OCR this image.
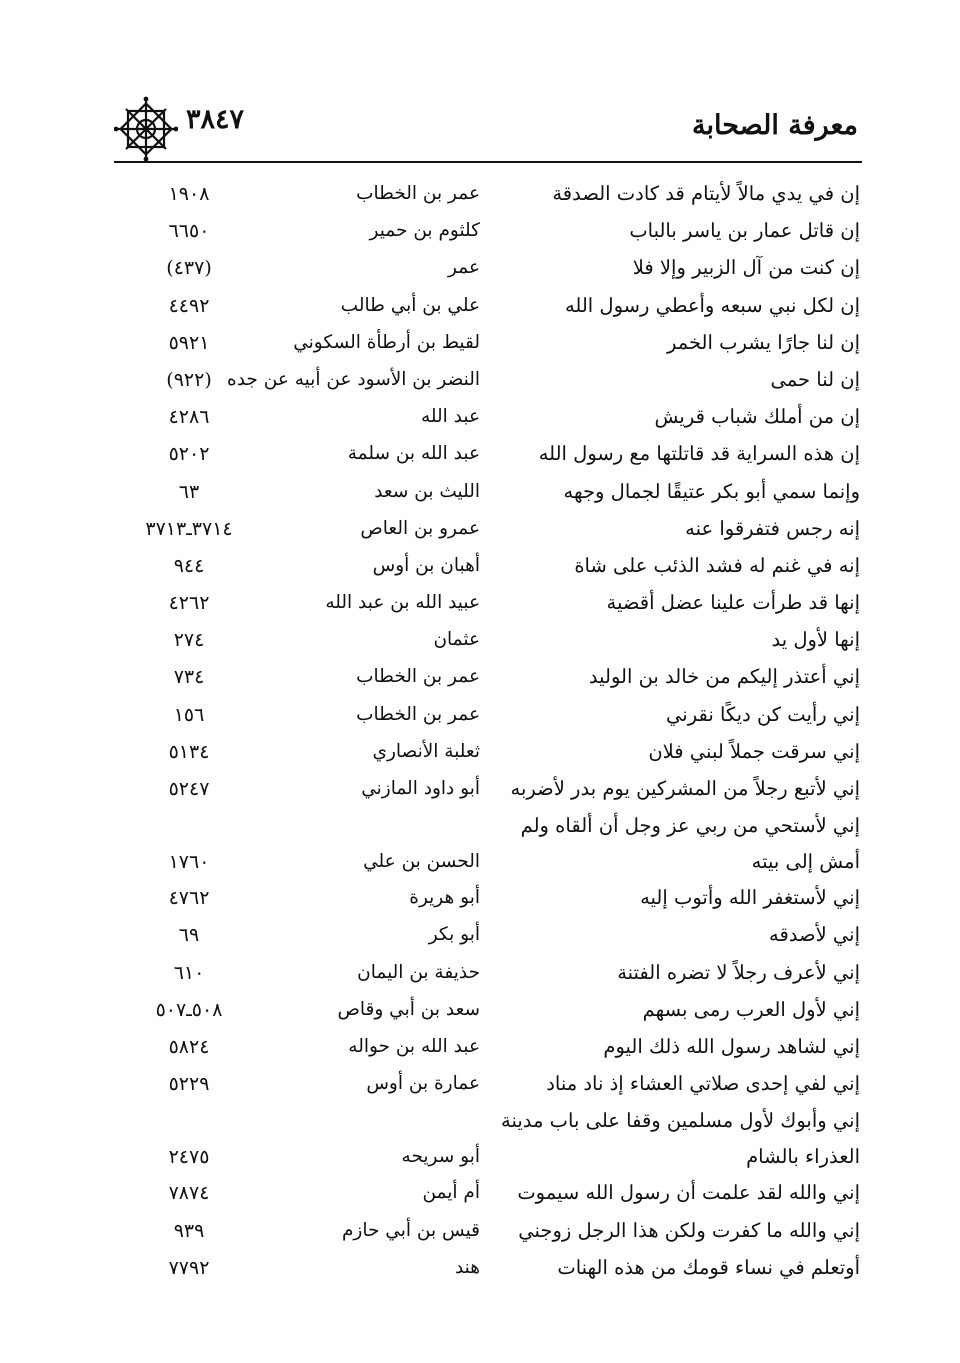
معرفة الصحابة
٣٨٤٧
إن في يدي مالاً لأيتام قد كادت الصدقة
عمر بن الخطاب
١٩٠٨
إن قاتل عمار بن ياسر بالباب
كلثوم بن حمير
٦٦٥٠
إن كنت من آل الزبير وإلا فلا
عمر
(٤٣٧)
إن لكل نبي سبعه وأعطي رسول الله
علي بن أبي طالب
٤٤٩٢
إن لنا جارًا يشرب الخمر
لقيط بن أرطأة السكوني
٥٩٢١
إن لنا حمى
النضر بن الأسود عن أبيه عن جده
(٩٢٢)
إن من أملك شباب قريش
عبد الله
٤٢٨٦
إن هذه السراية قد قاتلتها مع رسول الله
عبد الله بن سلمة
٥٢٠٢
وإنما سمي أبو بكر عتيقًا لجمال وجهه
الليث بن سعد
٦٣
إنه رجس فتفرقوا عنه
عمرو بن العاص
٣٧١٤ـ٣٧١٣
إنه في غنم له فشد الذئب على شاة
أهبان بن أوس
٩٤٤
إنها قد طرأت علينا عضل أقضية
عبيد الله بن عبد الله
٤٢٦٢
إنها لأول يد
عثمان
٢٧٤
إني أعتذر إليكم من خالد بن الوليد
عمر بن الخطاب
٧٣٤
إني رأيت كن ديكًا نقرني
عمر بن الخطاب
١٥٦
إني سرقت جملاً لبني فلان
ثعلبة الأنصاري
٥١٣٤
إني لأتبع رجلاً من المشركين يوم بدر لأضربه
أبو داود المازني
٥٢٤٧
إني لأستحي من ربي عز وجل أن ألقاه ولم أمش إلى بيته
الحسن بن علي
١٧٦٠
إني لأستغفر الله وأتوب إليه
أبو هريرة
٤٧٦٢
إني لأصدقه
أبو بكر
٦٩
إني لأعرف رجلاً لا تضره الفتنة
حذيفة بن اليمان
٦١٠
إني لأول العرب رمى بسهم
سعد بن أبي وقاص
٥٠٨ـ٥٠٧
إني لشاهد رسول الله ذلك اليوم
عبد الله بن حواله
٥٨٢٤
إني لفي إحدى صلاتي العشاء إذ ناد مناد
عمارة بن أوس
٥٢٢٩
إني وأبوك لأول مسلمين وقفا على باب مدينة العذراء بالشام
أبو سريحه
٢٤٧٥
إني والله لقد علمت أن رسول الله سيموت
أم أيمن
٧٨٧٤
إني والله ما كفرت ولكن هذا الرجل زوجني
قيس بن أبي حازم
٩٣٩
أوتعلم في نساء قومك من هذه الهنات
هند
٧٧٩٢
